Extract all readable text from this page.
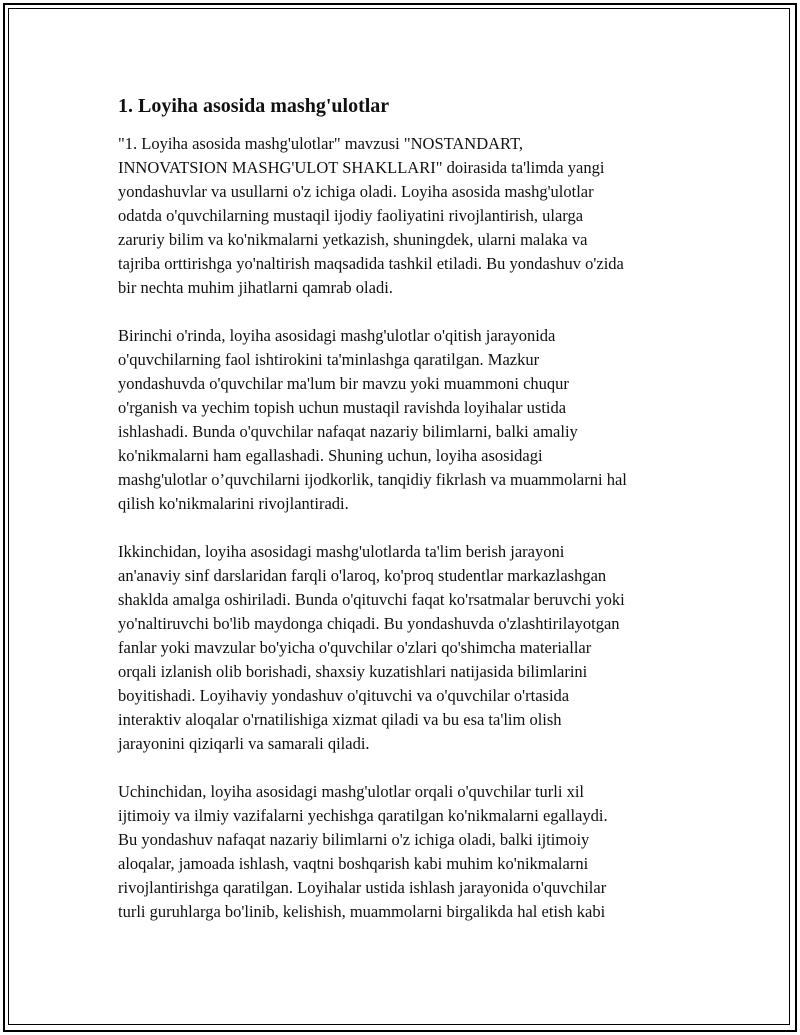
1. Loyiha asosida mashg'ulotlar

"1. Loyiha asosida mashg'ulotlar" mavzusi "NOSTANDART,
INNOVATSION MASHG'ULOT SHAKLLARI" doirasida ta'limda yangi
yondashuvlar va usullarni o'z ichiga oladi. Loyiha asosida mashg'ulotlar
odatda o'quvchilarning mustaqil ijodiy faoliyatini rivojlantirish, ularga
zaruriy bilim va ko'nikmalarni yetkazish, shuningdek, ularni malaka va
tajriba orttirishga yo'naltirish maqsadida tashkil etiladi. Bu yondashuv o'zida
bir nechta muhim jihatlarni qamrab oladi.

Birinchi o'rinda, loyiha asosidagi mashg'ulotlar o'qitish jarayonida
o'quvchilarning faol ishtirokini ta'minlashga qaratilgan. Mazkur
yondashuvda o'quvchilar ma'lum bir mavzu yoki muammoni chuqur
o'rganish va yechim topish uchun mustaqil ravishda loyihalar ustida
ishlashadi. Bunda o'quvchilar nafaqat nazariy bilimlarni, balki amaliy
ko'nikmalarni ham egallashadi. Shuning uchun, loyiha asosidagi
mashg'ulotlar o’quvchilarni ijodkorlik, tanqidiy fikrlash va muammolarni hal
qilish ko'nikmalarini rivojlantiradi.

Ikkinchidan, loyiha asosidagi mashg'ulotlarda ta'lim berish jarayoni
an'anaviy sinf darslaridan farqli o'laroq, ko'proq studentlar markazlashgan
shaklda amalga oshiriladi. Bunda o'qituvchi faqat ko'rsatmalar beruvchi yoki
yo'naltiruvchi bo'lib maydonga chiqadi. Bu yondashuvda o'zlashtirilayotgan
fanlar yoki mavzular bo'yicha o'quvchilar o'zlari qo'shimcha materiallar
orqali izlanish olib borishadi, shaxsiy kuzatishlari natijasida bilimlarini
boyitishadi. Loyihaviy yondashuv o'qituvchi va o'quvchilar o'rtasida
interaktiv aloqalar o'rnatilishiga xizmat qiladi va bu esa ta'lim olish
jarayonini qiziqarli va samarali qiladi.

Uchinchidan, loyiha asosidagi mashg'ulotlar orqali o'quvchilar turli xil
ijtimoiy va ilmiy vazifalarni yechishga qaratilgan ko'nikmalarni egallaydi.
Bu yondashuv nafaqat nazariy bilimlarni o'z ichiga oladi, balki ijtimoiy
aloqalar, jamoada ishlash, vaqtni boshqarish kabi muhim ko'nikmalarni
rivojlantirishga qaratilgan. Loyihalar ustida ishlash jarayonida o'quvchilar
turli guruhlarga bo'linib, kelishish, muammolarni birgalikda hal etish kabi
